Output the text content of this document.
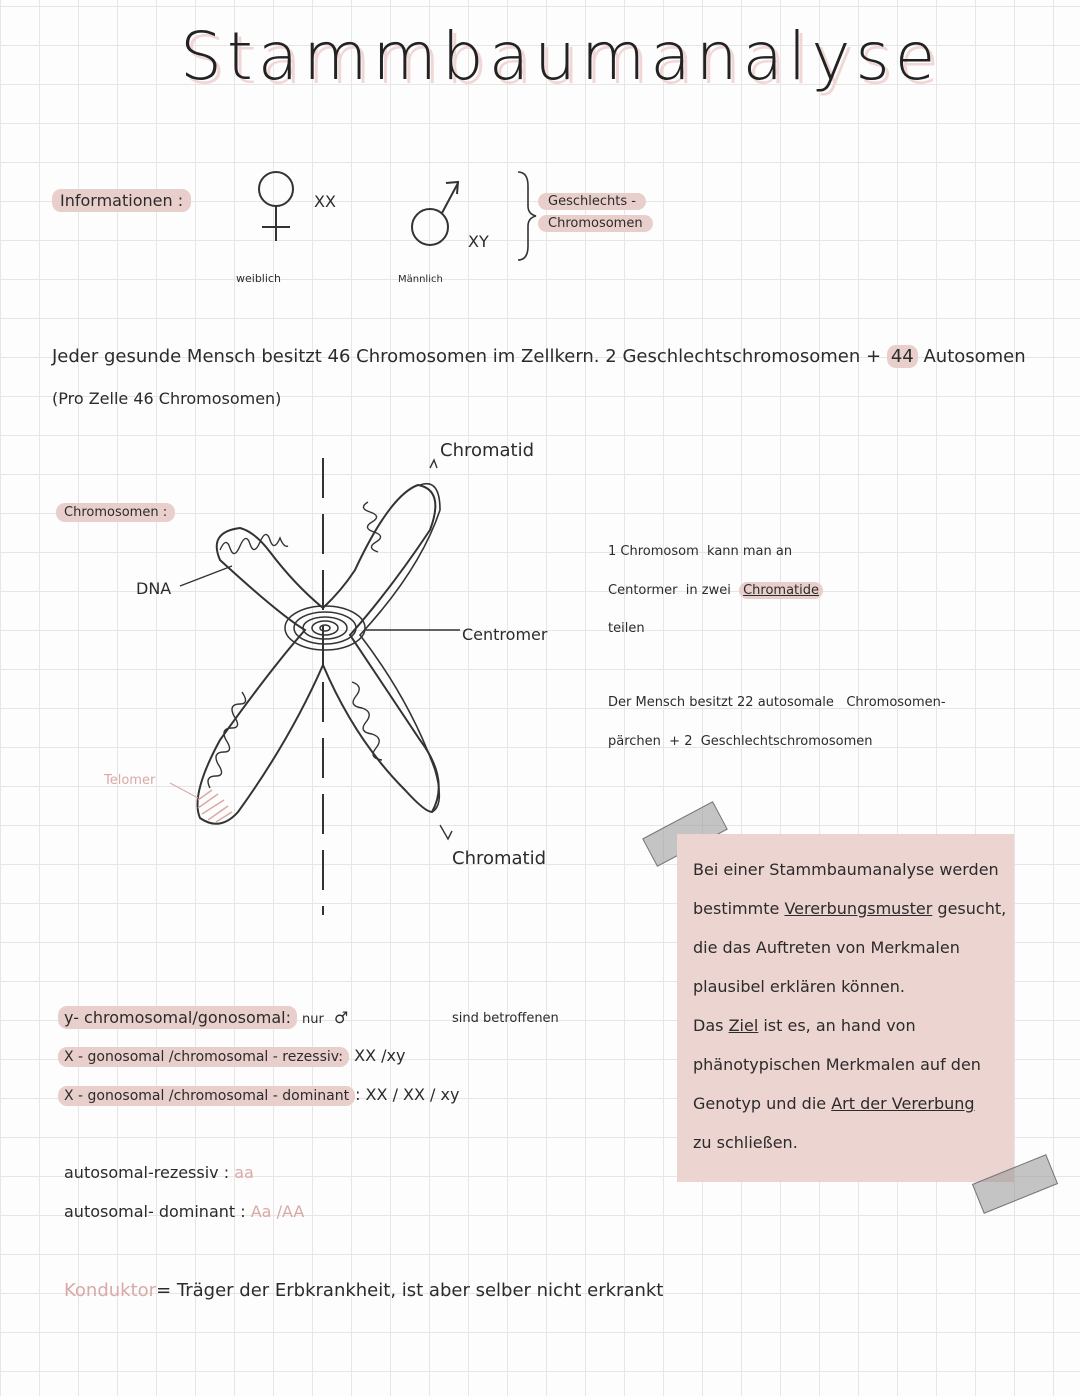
Stammbaumanalyse
Informationen :	XX
XY
weiblich	Männlich
Geschlechts -
Chromosomen
Jeder gesunde Mensch besitzt 46 Chromosomen im Zellkern. 2 Geschlechtschromosomen + 44 Autosomen
(Pro Zelle 46 Chromosomen)
Chromosomen :
Chromatid
Chromatid
DNA
Centromer
Telomer
1 Chromosom kann man an
Centormer in zwei Chromatide
teilen
Der Mensch besitzt 22 autosomale Chromosomen-
pärchen + 2 Geschlechtschromosomen

Bei einer Stammbaumanalyse werden

bestimmte Vererbungsmuster gesucht,

die das Auftreten von Merkmalen

plausibel erklären können.

Das Ziel ist es, an hand von

phänotypischen Merkmalen auf den

Genotyp und die Art der Vererbung

zu schließen.

y- chromosomal/gonosomal: nur ♂	sind betroffenen
X - gonosomal /chromosomal - rezessiv: XX /xy
X - gonosomal /chromosomal - dominant : XX / XX / xy
autosomal-rezessiv : aa
autosomal- dominant : Aa /AA
Konduktor= Träger der Erbkrankheit, ist aber selber nicht erkrankt
